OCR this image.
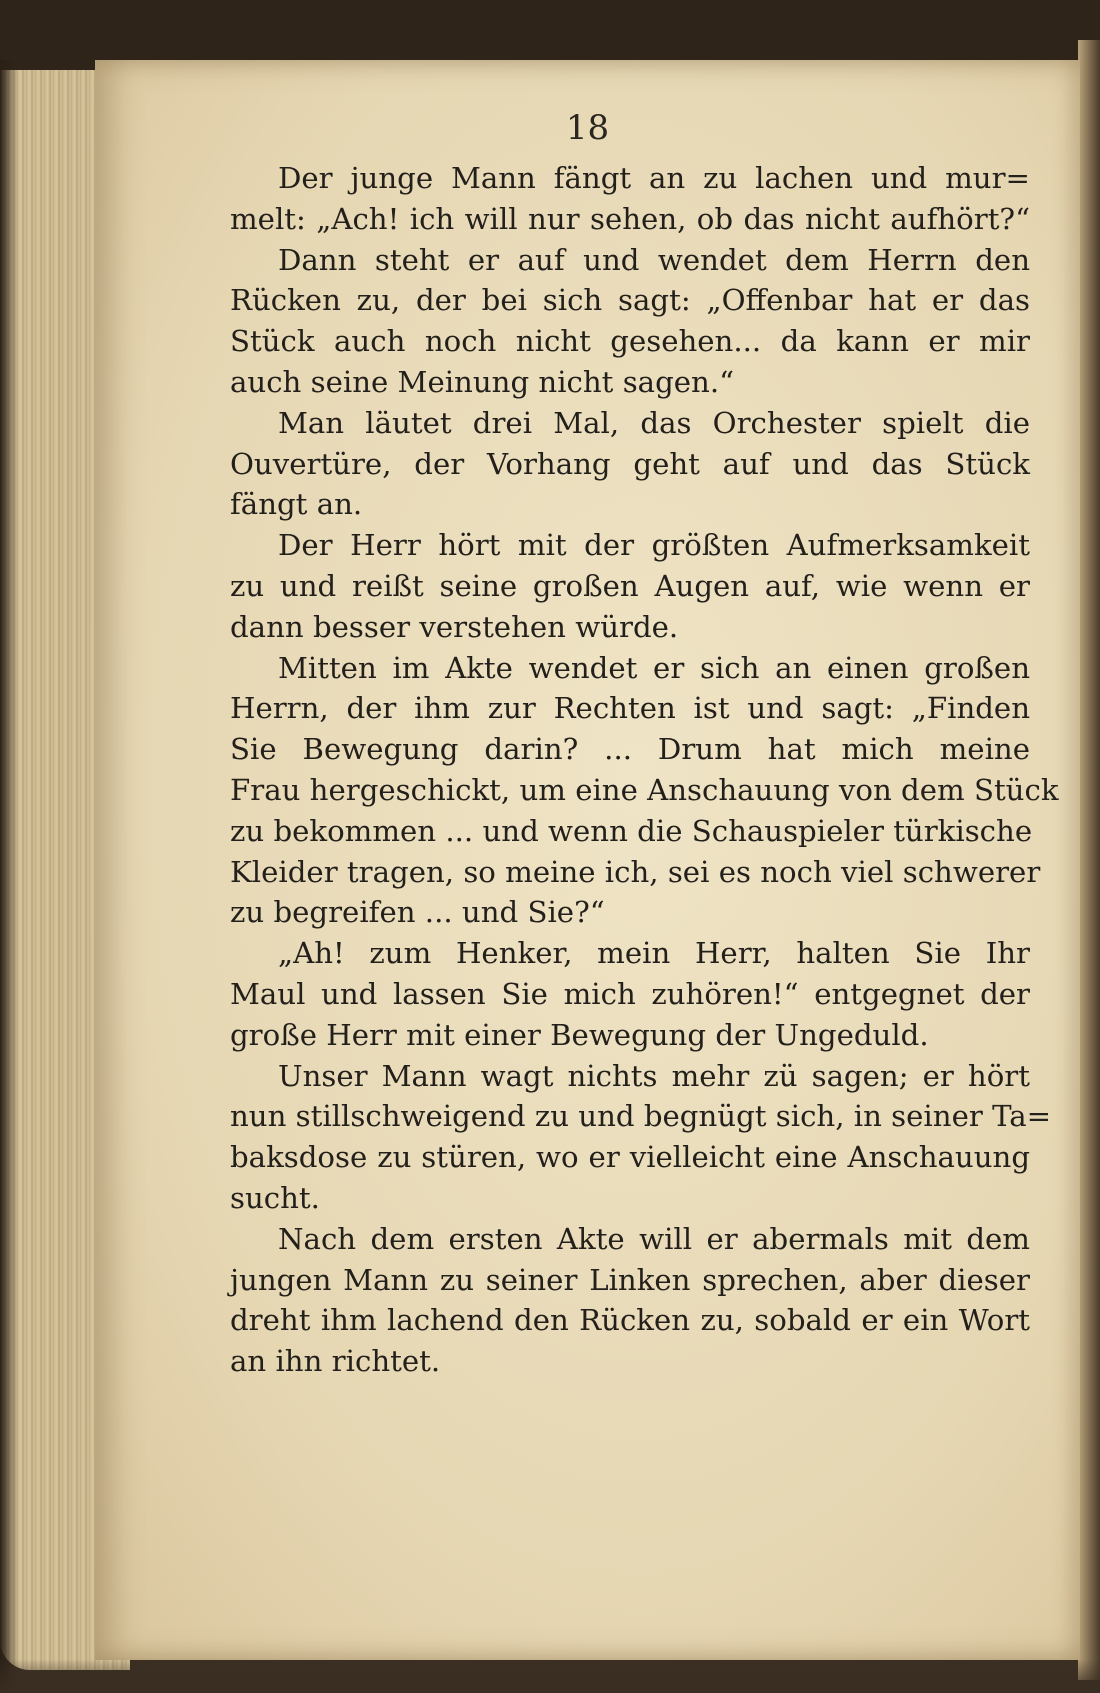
18
Der junge Mann fängt an zu lachen und mur=
melt: „Ach! ich will nur sehen, ob das nicht aufhört?“
Dann steht er auf und wendet dem Herrn den
Rücken zu, der bei sich sagt: „Offenbar hat er das
Stück auch noch nicht gesehen... da kann er mir
auch seine Meinung nicht sagen.“
Man läutet drei Mal, das Orchester spielt die
Ouvertüre, der Vorhang geht auf und das Stück
fängt an.
Der Herr hört mit der größten Aufmerksamkeit
zu und reißt seine großen Augen auf, wie wenn er
dann besser verstehen würde.
Mitten im Akte wendet er sich an einen großen
Herrn, der ihm zur Rechten ist und sagt: „Finden
Sie Bewegung darin? ... Drum hat mich meine
Frau hergeschickt, um eine Anschauung von dem Stück
zu bekommen ... und wenn die Schauspieler türkische
Kleider tragen, so meine ich, sei es noch viel schwerer
zu begreifen ... und Sie?“
„Ah! zum Henker, mein Herr, halten Sie Ihr
Maul und lassen Sie mich zuhören!“ entgegnet der
große Herr mit einer Bewegung der Ungeduld.
Unser Mann wagt nichts mehr zü sagen; er hört
nun stillschweigend zu und begnügt sich, in seiner Ta=
baksdose zu stüren, wo er vielleicht eine Anschauung
sucht.
Nach dem ersten Akte will er abermals mit dem
jungen Mann zu seiner Linken sprechen, aber dieser
dreht ihm lachend den Rücken zu, sobald er ein Wort
an ihn richtet.
